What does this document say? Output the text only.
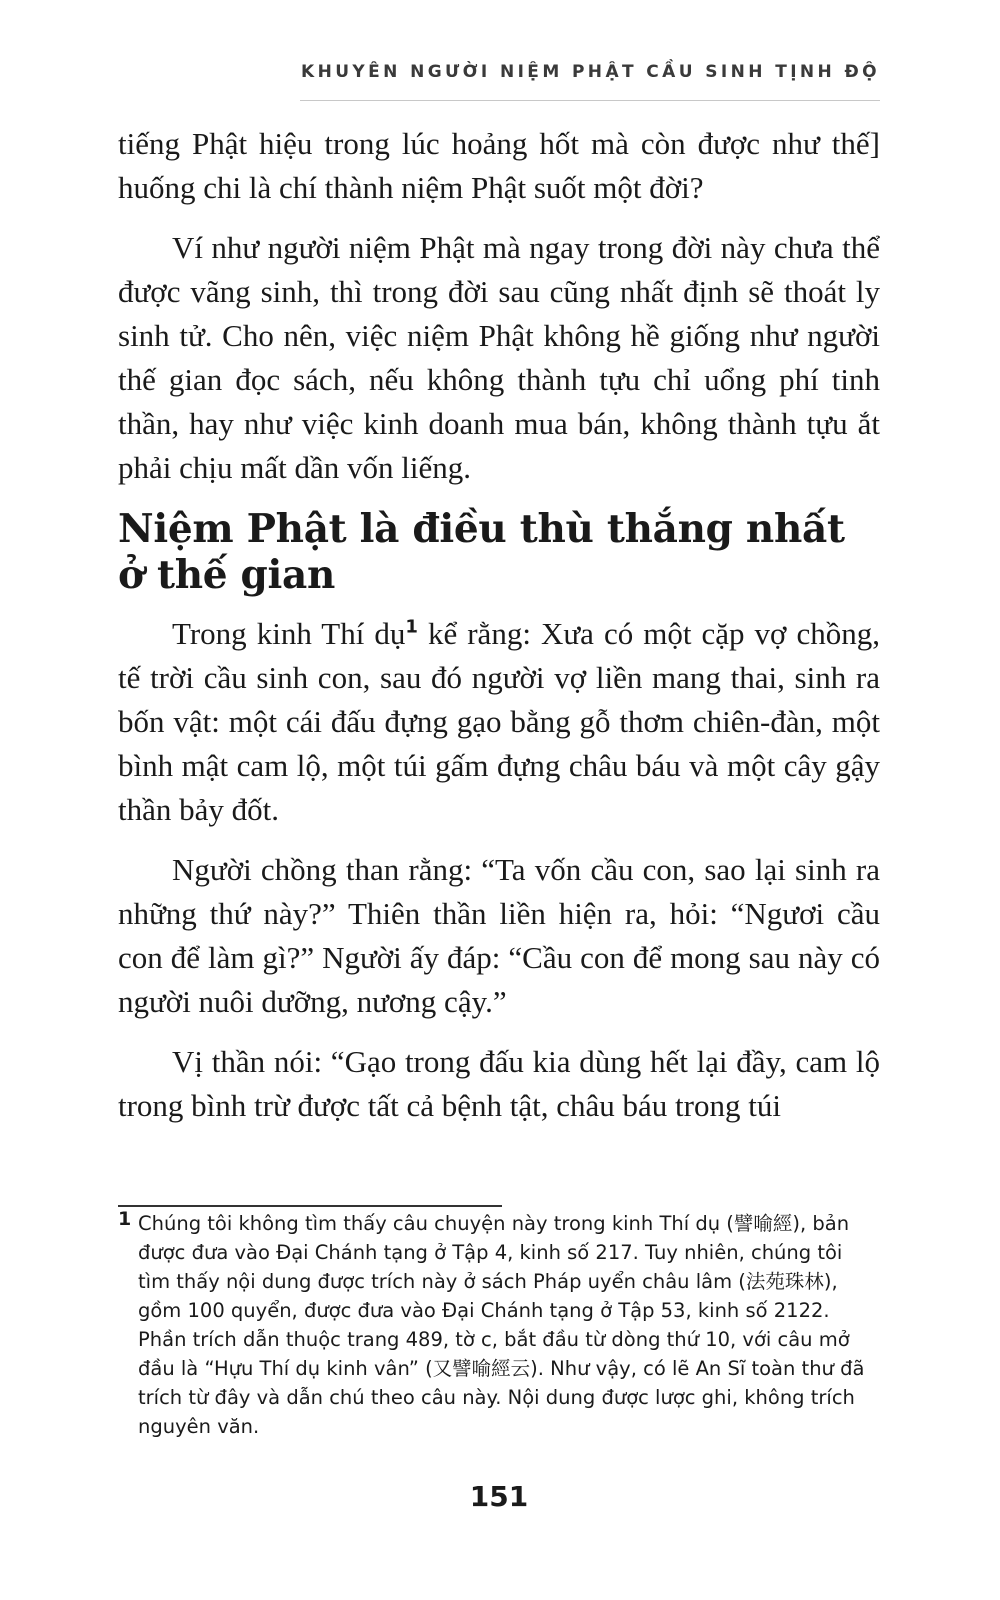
KHUYÊN NGƯỜI NIỆM PHẬT CẦU SINH TỊNH ĐỘ

tiếng Phật hiệu trong lúc hoảng hốt mà còn được như thế] huống chi là chí thành niệm Phật suốt một đời?

Ví như người niệm Phật mà ngay trong đời này chưa thể được vãng sinh, thì trong đời sau cũng nhất định sẽ thoát ly sinh tử. Cho nên, việc niệm Phật không hề giống như người thế gian đọc sách, nếu không thành tựu chỉ uổng phí tinh thần, hay như việc kinh doanh mua bán, không thành tựu ắt phải chịu mất dần vốn liếng.

Niệm Phật là điều thù thắng nhất ở thế gian

Trong kinh Thí dụ$^1$ kể rằng: Xưa có một cặp vợ chồng, tế trời cầu sinh con, sau đó người vợ liền mang thai, sinh ra bốn vật: một cái đấu đựng gạo bằng gỗ thơm chiên-đàn, một bình mật cam lộ, một túi gấm đựng châu báu và một cây gậy thần bảy đốt.

Người chồng than rằng: “Ta vốn cầu con, sao lại sinh ra những thứ này?” Thiên thần liền hiện ra, hỏi: “Ngươi cầu con để làm gì?” Người ấy đáp: “Cầu con để mong sau này có người nuôi dưỡng, nương cậy.”

Vị thần nói: “Gạo trong đấu kia dùng hết lại đầy, cam lộ trong bình trừ được tất cả bệnh tật, châu báu trong túi

1 Chúng tôi không tìm thấy câu chuyện này trong kinh Thí dụ (譬喻經), bản được đưa vào Đại Chánh tạng ở Tập 4, kinh số 217. Tuy nhiên, chúng tôi tìm thấy nội dung được trích này ở sách Pháp uyển châu lâm (法苑珠林), gồm 100 quyển, được đưa vào Đại Chánh tạng ở Tập 53, kinh số 2122. Phần trích dẫn thuộc trang 489, tờ c, bắt đầu từ dòng thứ 10, với câu mở đầu là “Hựu Thí dụ kinh vân” (又譬喻經云). Như vậy, có lẽ An Sĩ toàn thư đã trích từ đây và dẫn chú theo câu này. Nội dung được lược ghi, không trích nguyên văn.
151
